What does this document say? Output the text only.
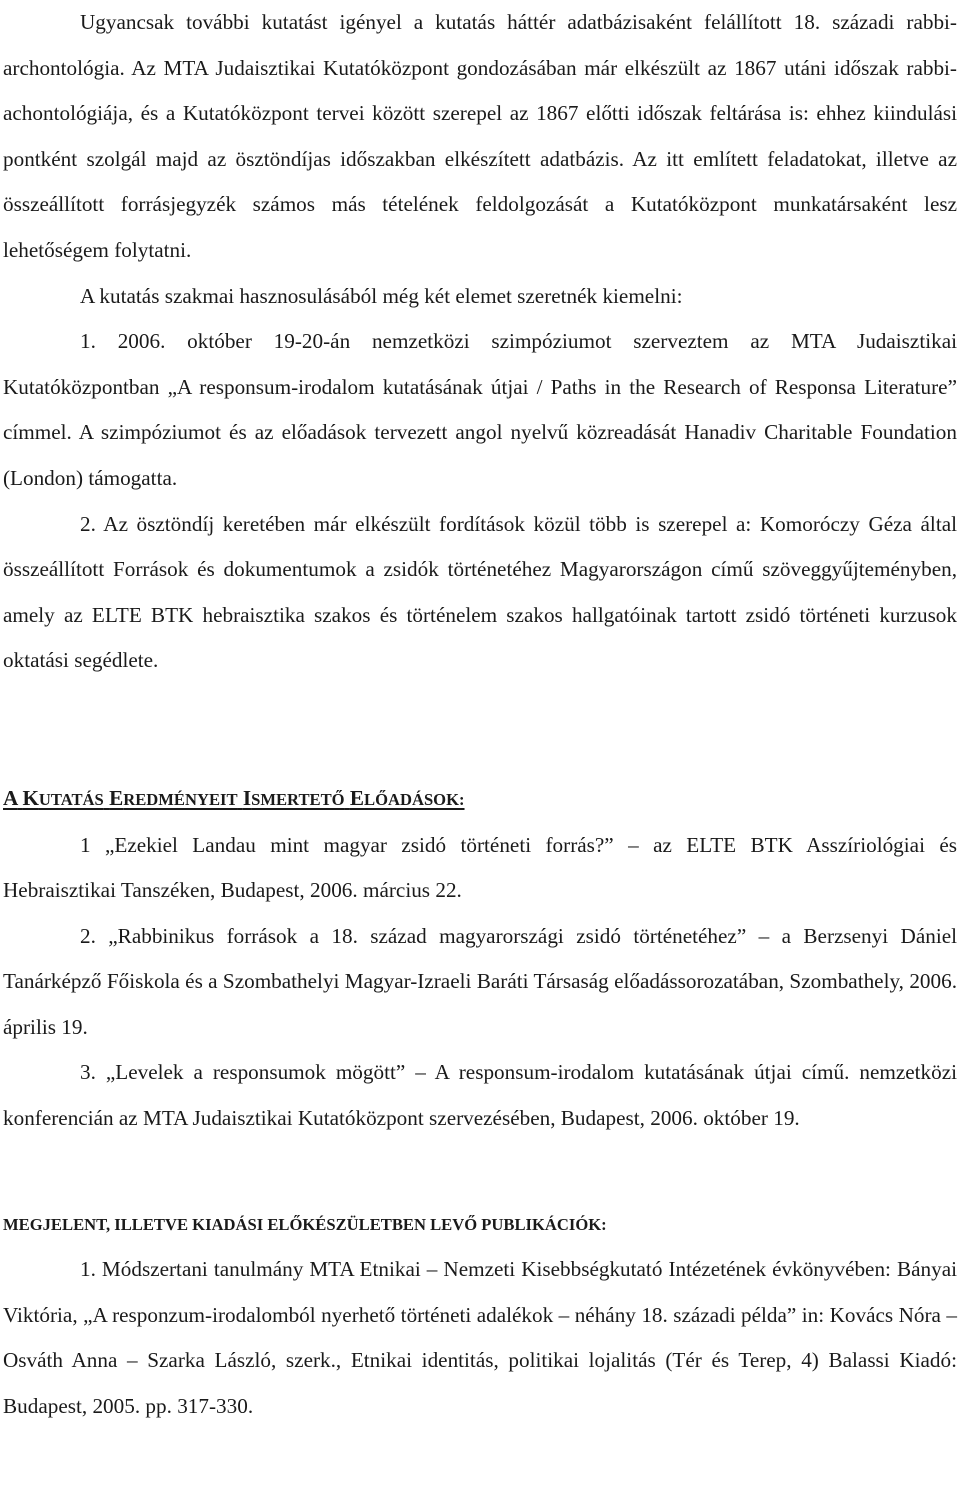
Ugyancsak további kutatást igényel a kutatás háttér adatbázisaként felállított 18. századi rabbi-archontológia. Az MTA Judaisztikai Kutatóközpont gondozásában már elkészült az 1867 utáni időszak rabbi-achontológiája, és a Kutatóközpont tervei között szerepel az 1867 előtti időszak feltárása is: ehhez kiindulási pontként szolgál majd az ösztöndíjas időszakban elkészített adatbázis. Az itt említett feladatokat, illetve az összeállított forrásjegyzék számos más tételének feldolgozását a Kutatóközpont munkatársaként lesz lehetőségem folytatni.

A kutatás szakmai hasznosulásából még két elemet szeretnék kiemelni:

1. 2006. október 19-20-án nemzetközi szimpóziumot szerveztem az MTA Judaisztikai Kutatóközpontban „A responsum-irodalom kutatásának útjai / Paths in the Research of Responsa Literature” címmel. A szimpóziumot és az előadások tervezett angol nyelvű közreadását Hanadiv Charitable Foundation (London) támogatta.

2. Az ösztöndíj keretében már elkészült fordítások közül több is szerepel a: Komoróczy Géza által összeállított Források és dokumentumok a zsidók történetéhez Magyarországon című szöveggyűjteményben, amely az ELTE BTK hebraisztika szakos és történelem szakos hallgatóinak tartott zsidó történeti kurzusok oktatási segédlete.

A KUTATÁS EREDMÉNYEIT ISMERTETŐ ELŐADÁSOK:

1 „Ezekiel Landau mint magyar zsidó történeti forrás?” – az ELTE BTK Asszíriológiai és Hebraisztikai Tanszéken, Budapest, 2006. március 22.

2. „Rabbinikus források a 18. század magyarországi zsidó történetéhez” – a Berzsenyi Dániel Tanárképző Főiskola és a Szombathelyi Magyar-Izraeli Baráti Társaság előadássorozatában, Szombathely, 2006. április 19.

3. „Levelek a responsumok mögött” – A responsum-irodalom kutatásának útjai című. nemzetközi konferencián az MTA Judaisztikai Kutatóközpont szervezésében, Budapest, 2006. október 19.

MEGJELENT, ILLETVE KIADÁSI ELŐKÉSZÜLETBEN LEVŐ PUBLIKÁCIÓK:

1. Módszertani tanulmány MTA Etnikai – Nemzeti Kisebbségkutató Intézetének évkönyvében: Bányai Viktória, „A responzum-irodalomból nyerhető történeti adalékok – néhány 18. századi példa” in: Kovács Nóra – Osváth Anna – Szarka László, szerk., Etnikai identitás, politikai lojalitás (Tér és Terep, 4) Balassi Kiadó: Budapest, 2005. pp. 317-330.
